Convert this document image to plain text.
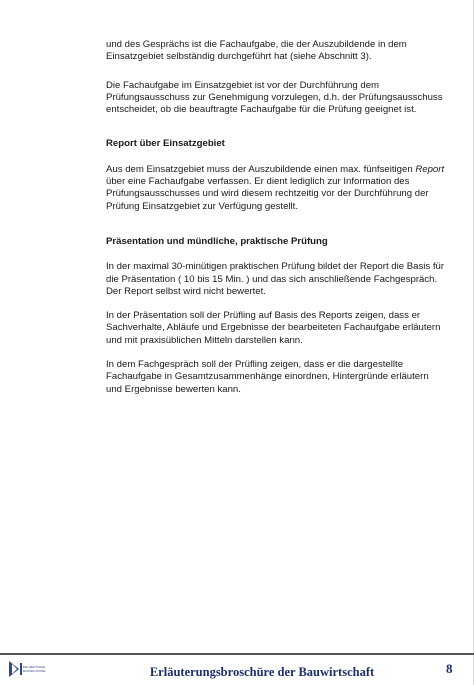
und des Gesprächs ist die Fachaufgabe, die der Auszubildende in dem Einsatzgebiet selbständig durchgeführt hat (siehe Abschnitt 3).

Die Fachaufgabe im Einsatzgebiet ist vor der Durchführung dem Prüfungsausschuss zur Genehmigung vorzulegen, d.h. der Prüfungsausschuss entscheidet, ob die beauftragte Fachaufgabe für die Prüfung geeignet ist.

Report über Einsatzgebiet

Aus dem Einsatzgebiet muss der Auszubildende einen max. fünfseitigen Report über eine Fachaufgabe verfassen. Er dient lediglich zur Information des Prüfungsausschusses und wird diesem rechtzeitig vor der Durchführung der Prüfung Einsatzgebiet zur Verfügung gestellt.

Präsentation und mündliche, praktische Prüfung

In der maximal 30-minütigen praktischen Prüfung bildet der Report die Basis für die Präsentation ( 10 bis 15 Min. ) und das sich anschließende Fachgespräch. Der Report selbst wird nicht bewertet.

In der Präsentation soll der Prüfling auf Basis des Reports zeigen, dass er Sachverhalte, Abläufe und Ergebnisse der bearbeiteten Fachaufgabe erläutern und mit praxisüblichen Mitteln darstellen kann.

In dem Fachgespräch soll der Prüfling zeigen, dass er die dargestellte Fachaufgabe in Gesamtzusammenhänge einordnen, Hintergründe erläutern und Ergebnisse bewerten kann.

DIE DEUTSCHE
BAUINDUSTRIE	Erläuterungsbroschüre der Bauwirtschaft	8
